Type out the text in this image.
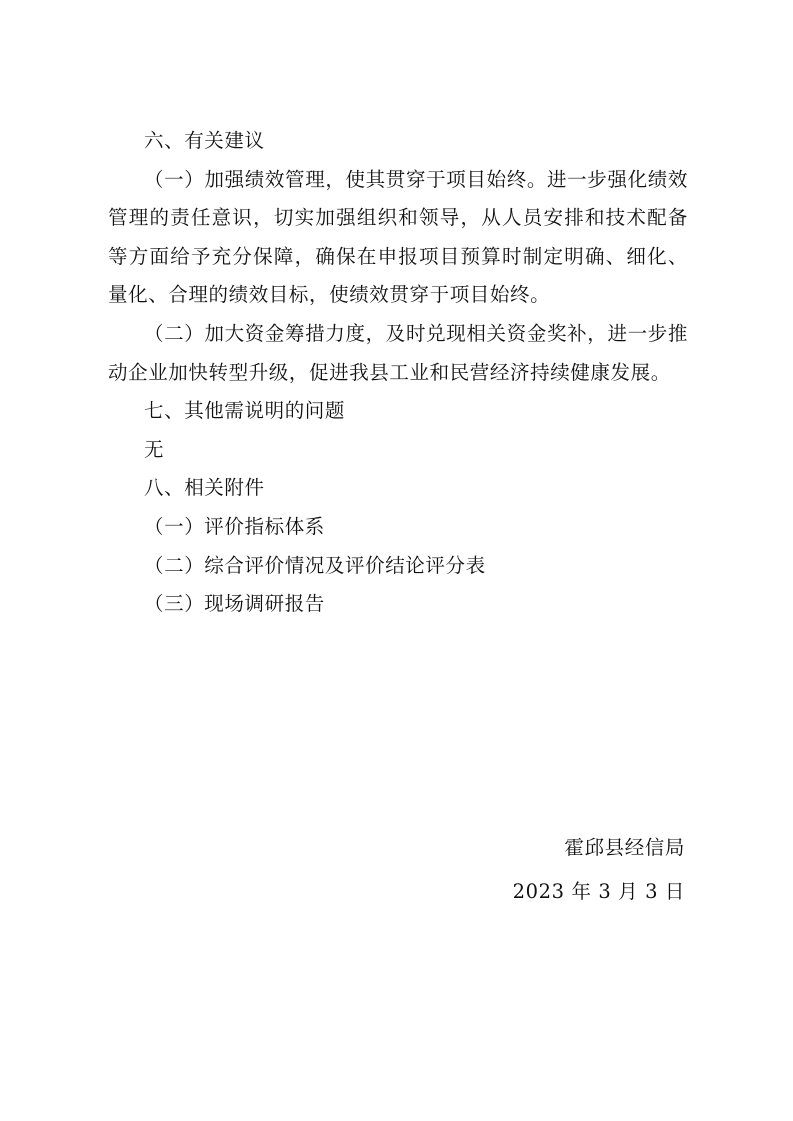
六、有关建议

（一）加强绩效管理，使其贯穿于项目始终。进一步强化绩效管理的责任意识，切实加强组织和领导，从人员安排和技术配备等方面给予充分保障，确保在申报项目预算时制定明确、细化、量化、合理的绩效目标，使绩效贯穿于项目始终。

（二）加大资金筹措力度，及时兑现相关资金奖补，进一步推动企业加快转型升级，促进我县工业和民营经济持续健康发展。

七、其他需说明的问题

无

八、相关附件

（一）评价指标体系

（二）综合评价情况及评价结论评分表

（三）现场调研报告

霍邱县经信局
2023 年 3 月 3 日
